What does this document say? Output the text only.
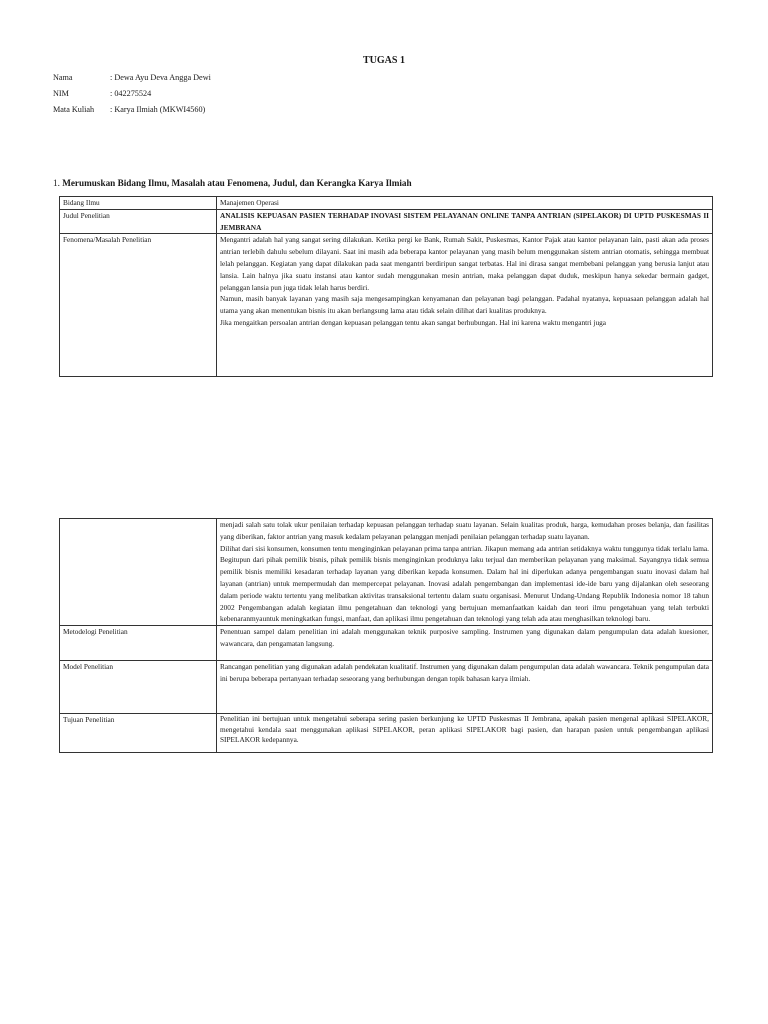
TUGAS 1
Nama	: Dewa Ayu Deva Angga Dewi
NIM	: 042275524
Mata Kuliah	: Karya Ilmiah (MKWI4560)
1. Merumuskan Bidang Ilmu, Masalah atau Fenomena, Judul, dan Kerangka Karya Ilmiah
Bidang Ilmu	Manajemen Operasi
Judul Penelitian	ANALISIS KEPUASAN PASIEN TERHADAP INOVASI SISTEM PELAYANAN ONLINE TANPA ANTRIAN (SIPELAKOR) DI UPTD PUSKESMAS II JEMBRANA
Fenomena/Masalah Penelitian	Mengantri adalah hal yang sangat sering dilakukan. Ketika pergi ke Bank, Rumah Sakit, Puskesmas, Kantor Pajak atau kantor pelayanan lain, pasti akan ada proses antrian terlebih dahulu sebelum dilayani. Saat ini masih ada beberapa kantor pelayanan yang masih belum menggunakan sistem antrian otomatis, sehingga membuat lelah pelanggan. Kegiatan yang dapat dilakukan pada saat mengantri berdiripun sangat terbatas. Hal ini dirasa sangat membebani pelanggan yang berusia lanjut atau lansia. Lain halnya jika suatu instansi atau kantor sudah menggunakan mesin antrian, maka pelanggan dapat duduk, meskipun hanya sekedar bermain gadget, pelanggan lansia pun juga tidak lelah harus berdiri.

Namun, masih banyak layanan yang masih saja mengesampingkan kenyamanan dan pelayanan bagi pelanggan. Padahal nyatanya, kepuasaan pelanggan adalah hal utama yang akan menentukan bisnis itu akan berlangsung lama atau tidak selain dilihat dari kualitas produknya.

Jika mengaitkan persoalan antrian dengan kepuasan pelanggan tentu akan sangat berhubungan. Hal ini karena waktu mengantri juga

	menjadi salah satu tolak ukur penilaian terhadap kepuasan pelanggan terhadap suatu layanan. Selain kualitas produk, harga, kemudahan proses belanja, dan fasilitas yang diberikan, faktor antrian yang masuk kedalam pelayanan pelanggan menjadi penilaian pelanggan terhadap suatu layanan.

Dilihat dari sisi konsumen, konsumen tentu menginginkan pelayanan prima tanpa antrian. Jikapun memang ada antrian setidaknya waktu tunggunya tidak terlalu lama. Begitupun dari pihak pemilik bisnis, pihak pemilik bisnis menginginkan produknya laku terjual dan memberikan pelayanan yang maksimal. Sayangnya tidak semua pemilik bisnis memiliki kesadaran terhadap layanan yang diberikan kepada konsumen. Dalam hal ini diperlukan adanya pengembangan suatu inovasi dalam hal layanan (antrian) untuk mempermudah dan mempercepat pelayanan. Inovasi adalah pengembangan dan implementasi ide-ide baru yang dijalankan oleh seseorang dalam periode waktu tertentu yang melibatkan aktivitas transaksional tertentu dalam suatu organisasi. Menurut Undang-Undang Republik Indonesia nomor 18 tahun 2002 Pengembangan adalah kegiatan ilmu pengetahuan dan teknologi yang bertujuan memanfaatkan kaidah dan teori ilmu pengetahuan yang telah terbukti kebenaranmyauntuk meningkatkan fungsi, manfaat, dan aplikasi ilmu pengetahuan dan teknologi yang telah ada atau menghasilkan teknologi baru.

Metodelogi Penelitian	Penentuan sampel dalam penelitian ini adalah menggunakan teknik purposive sampling. Instrumen yang digunakan dalam pengumpulan data adalah kuesioner, wawancara, dan pengamatan langsung.

Model Penelitian	Rancangan penelitian yang digunakan adalah pendekatan kualitatif. Instrumen yang digunakan dalam pengumpulan data adalah wawancara. Teknik pengumpulan data ini berupa beberapa pertanyaan terhadap seseorang yang berhubungan dengan topik bahasan karya ilmiah.

Tujuan Penelitian	Penelitian ini bertujuan untuk mengetahui seberapa sering pasien berkunjung ke UPTD Puskesmas II Jembrana, apakah pasien mengenal aplikasi SIPELAKOR, mengetahui kendala saat menggunakan aplikasi SIPELAKOR, peran aplikasi SIPELAKOR bagi pasien, dan harapan pasien untuk pengembangan aplikasi SIPELAKOR kedepannya.
